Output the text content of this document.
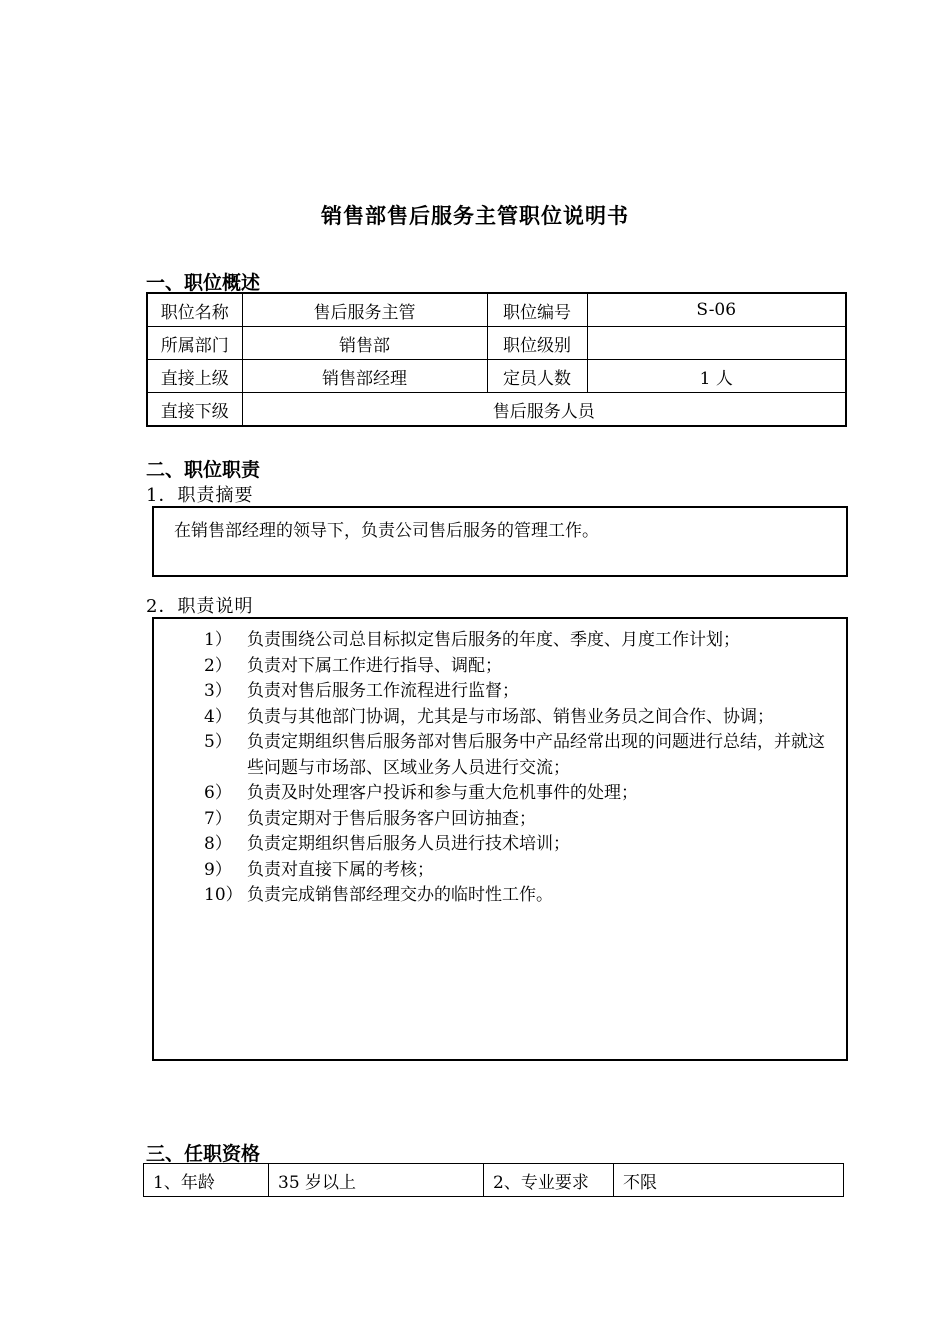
销售部售后服务主管职位说明书
一、职位概述
职位名称	售后服务主管	职位编号	S-06
所属部门	销售部	职位级别	
直接上级	销售部经理	定员人数	1 人
直接下级	售后服务人员		
二、职位职责
1．职责摘要
在销售部经理的领导下，负责公司售后服务的管理工作。
2．职责说明
1） 负责围绕公司总目标拟定售后服务的年度、季度、月度工作计划；
2） 负责对下属工作进行指导、调配；
3） 负责对售后服务工作流程进行监督；
4） 负责与其他部门协调，尤其是与市场部、销售业务员之间合作、协调；
5） 负责定期组织售后服务部对售后服务中产品经常出现的问题进行总结，并就这些问题与市场部、区域业务人员进行交流；
6） 负责及时处理客户投诉和参与重大危机事件的处理；
7） 负责定期对于售后服务客户回访抽查；
8） 负责定期组织售后服务人员进行技术培训；
9） 负责对直接下属的考核；
10） 负责完成销售部经理交办的临时性工作。
三、任职资格
1、年龄	35 岁以上	2、专业要求	不限
